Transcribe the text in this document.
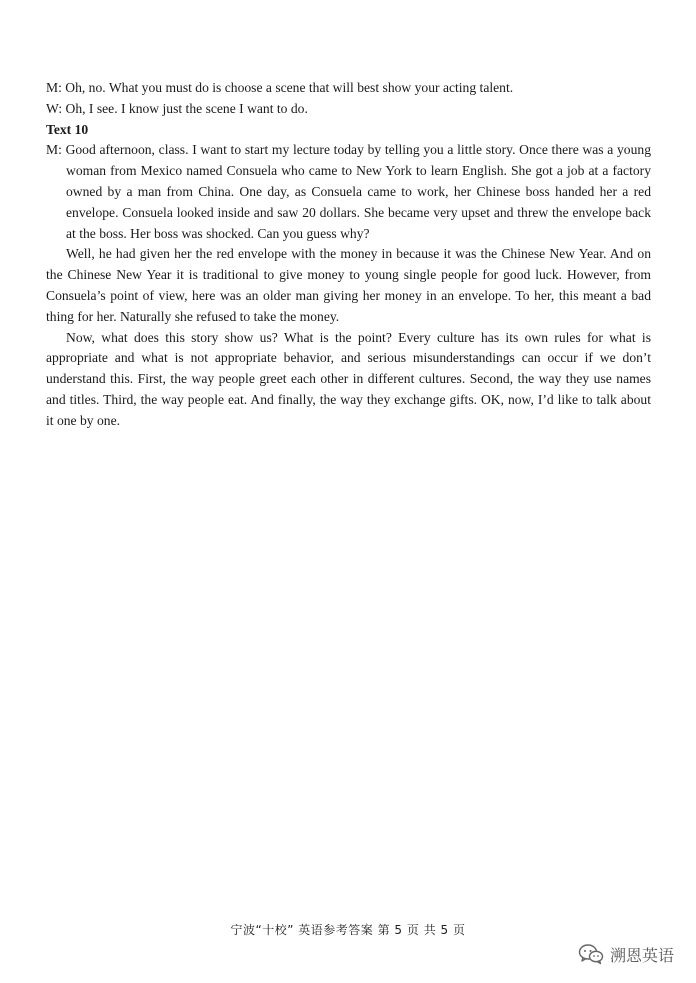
M: Oh, no. What you must do is choose a scene that will best show your acting talent.

W: Oh, I see. I know just the scene I want to do.

Text 10

M: Good afternoon, class. I want to start my lecture today by telling you a little story. Once there was a young woman from Mexico named Consuela who came to New York to learn English. She got a job at a factory owned by a man from China. One day, as Consuela came to work, her Chinese boss handed her a red envelope. Consuela looked inside and saw 20 dollars. She became very upset and threw the envelope back at the boss. Her boss was shocked. Can you guess why?

Well, he had given her the red envelope with the money in because it was the Chinese New Year. And on the Chinese New Year it is traditional to give money to young single people for good luck. However, from Consuela’s point of view, here was an older man giving her money in an envelope. To her, this meant a bad thing for her. Naturally she refused to take the money.

Now, what does this story show us? What is the point? Every culture has its own rules for what is appropriate and what is not appropriate behavior, and serious misunderstandings can occur if we don’t understand this. First, the way people greet each other in different cultures. Second, the way they use names and titles. Third, the way people eat. And finally, the way they exchange gifts. OK, now, I’d like to talk about it one by one.

宁波“十校” 英语参考答案 第 5 页 共 5 页
溯恩英语
